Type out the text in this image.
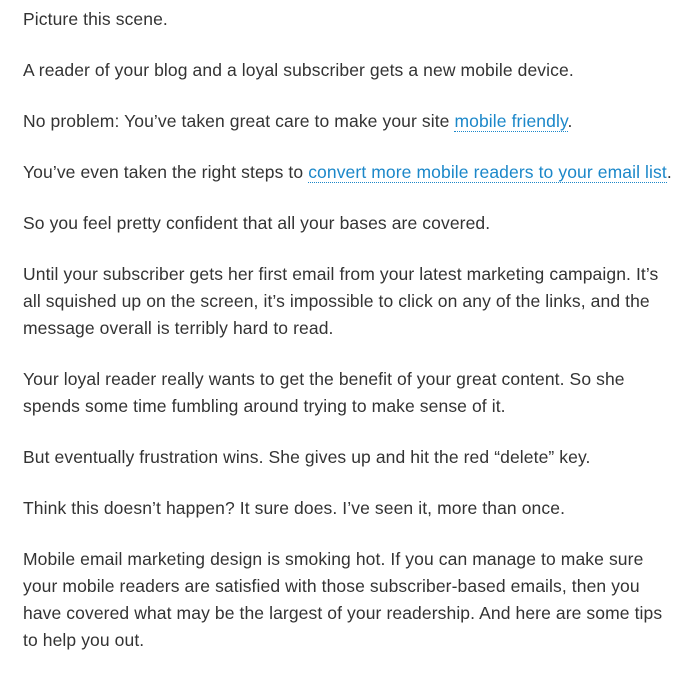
Picture this scene.

A reader of your blog and a loyal subscriber gets a new mobile device.

No problem: You’ve taken great care to make your site mobile friendly.

You’ve even taken the right steps to convert more mobile readers to your email list.

So you feel pretty confident that all your bases are covered.

Until your subscriber gets her first email from your latest marketing campaign. It’s all squished up on the screen, it’s impossible to click on any of the links, and the message overall is terribly hard to read.

Your loyal reader really wants to get the benefit of your great content. So she spends some time fumbling around trying to make sense of it.

But eventually frustration wins. She gives up and hit the red “delete” key.

Think this doesn’t happen? It sure does. I’ve seen it, more than once.

Mobile email marketing design is smoking hot. If you can manage to make sure your mobile readers are satisfied with those subscriber-based emails, then you have covered what may be the largest of your readership. And here are some tips to help you out.
